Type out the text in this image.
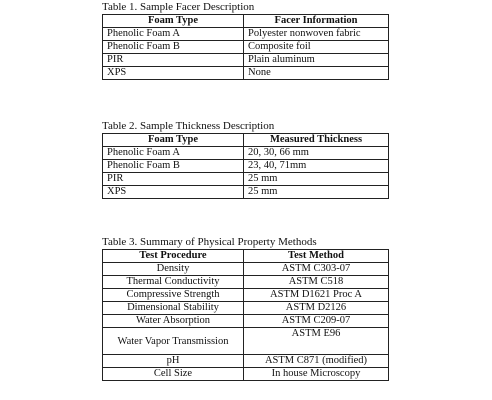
Table 1. Sample Facer Description
Foam Type	Facer Information
Phenolic Foam A	Polyester nonwoven fabric
Phenolic Foam B	Composite foil
PIR	Plain aluminum
XPS	None
Table 2. Sample Thickness Description
Foam Type	Measured Thickness
Phenolic Foam A	20, 30, 66 mm
Phenolic Foam B	23, 40, 71mm
PIR	25 mm
XPS	25 mm
Table 3. Summary of Physical Property Methods
Test Procedure	Test Method
Density	ASTM C303-07
Thermal Conductivity	ASTM C518
Compressive Strength	ASTM D1621 Proc A
Dimensional Stability	ASTM D2126
Water Absorption	ASTM C209-07
Water Vapor Transmission	ASTM E96
pH	ASTM C871 (modified)
Cell Size	In house Microscopy
